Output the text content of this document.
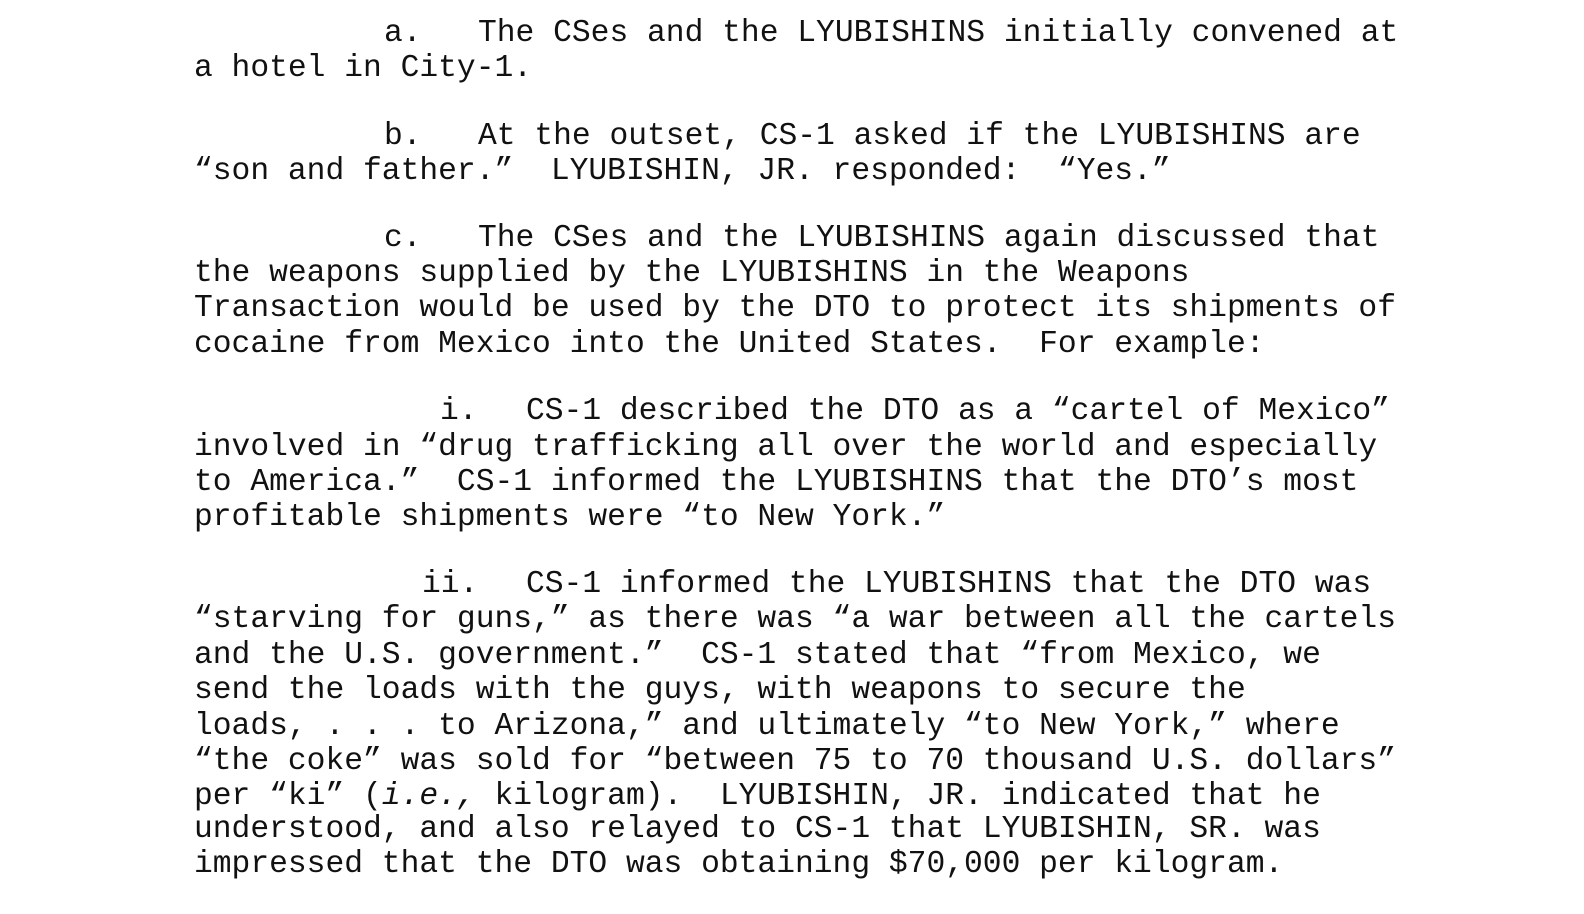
a. The CSes and the LYUBISHINS initially convened at
a hotel in City-1.
b. At the outset, CS-1 asked if the LYUBISHINS are
“son and father.”  LYUBISHIN, JR. responded:  “Yes.”
c. The CSes and the LYUBISHINS again discussed that
the weapons supplied by the LYUBISHINS in the Weapons
Transaction would be used by the DTO to protect its shipments of
cocaine from Mexico into the United States.  For example:
i. CS-1 described the DTO as a “cartel of Mexico”
involved in “drug trafficking all over the world and especially
to America.”  CS-1 informed the LYUBISHINS that the DTO’s most
profitable shipments were “to New York.”
ii. CS-1 informed the LYUBISHINS that the DTO was
“starving for guns,” as there was “a war between all the cartels
and the U.S. government.”  CS-1 stated that “from Mexico, we
send the loads with the guys, with weapons to secure the
loads, . . . to Arizona,” and ultimately “to New York,” where
“the coke” was sold for “between 75 to 70 thousand U.S. dollars”
per “ki” (i.e., kilogram).  LYUBISHIN, JR. indicated that he
understood, and also relayed to CS-1 that LYUBISHIN, SR. was
impressed that the DTO was obtaining $70,000 per kilogram.
